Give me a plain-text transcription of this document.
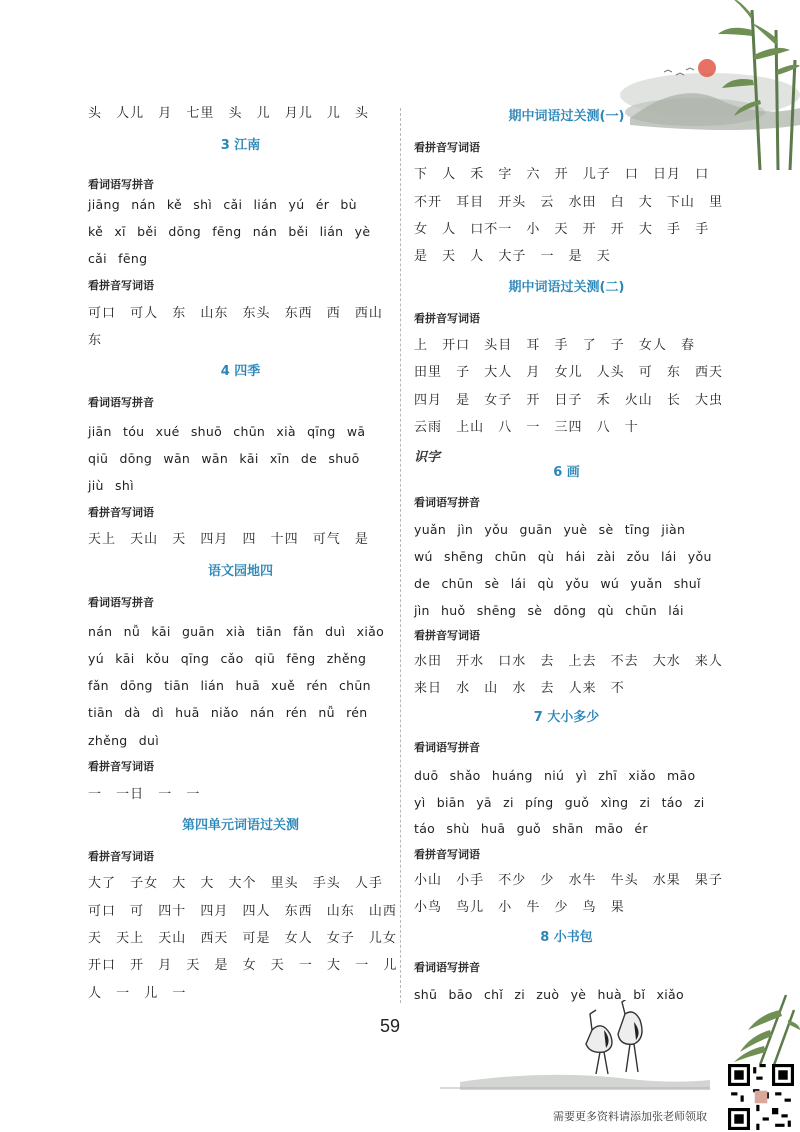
头 人儿 月 七里 头 儿 月儿 儿 头
3 江南
看词语写拼音
jiāng nán kě shì cǎi lián yú ér bù
kě xī běi dōng fēng nán běi lián yè
cǎi fēng
看拼音写词语
可口 可人 东 山东 东头 东西 西 西山
东
4 四季
看词语写拼音
jiān tóu xué shuō chūn xià qīng wā
qiū dōng wān wān kāi xīn de shuō
jiù shì
看拼音写词语
天上 天山 天 四月 四 十四 可气 是
语文园地四
看词语写拼音
nán nǚ kāi guān xià tiān fǎn duì xiǎo
yú kāi kǒu qīng cǎo qiū fēng zhěng
fǎn dōng tiān lián huā xuě rén chūn
tiān dà dì huā niǎo nán rén nǚ rén
zhěng duì
看拼音写词语
一 一日 一 一
第四单元词语过关测
看拼音写词语
大了 子女 大 大 大个 里头 手头 人手
可口 可 四十 四月 四人 东西 山东 山西
天 天上 天山 西天 可是 女人 女子 儿女
开口 开 月 天 是 女 天 一 大 一 儿
人 一 儿 一
期中词语过关测(一)
看拼音写词语
下 人 禾 字 六 开 儿子 口 日月 口
不开 耳目 开头 云 水田 白 大 下山 里
女 人 口不一 小 天 开 开 大 手 手
是 天 人 大子 一 是 天
期中词语过关测(二)
看拼音写词语
上 开口 头目 耳 手 了 子 女人 春
田里 子 大人 月 女儿 人头 可 东 西天
四月 是 女子 开 日子 禾 火山 长 大虫
云雨 上山 八 一 三四 八 十
识字
6 画
看词语写拼音
yuǎn jìn yǒu guān yuè sè tīng jiàn
wú shēng chūn qù hái zài zǒu lái yǒu
de chūn sè lái qù yǒu wú yuǎn shuǐ
jìn huǒ shēng sè dōng qù chūn lái
看拼音写词语
水田 开水 口水 去 上去 不去 大水 来人
来日 水 山 水 去 人来 不
7 大小多少
看词语写拼音
duō shǎo huáng niú yì zhī xiǎo māo
yì biān yā zi píng guǒ xìng zi táo zi
táo shù huā guǒ shān māo ér
看拼音写词语
小山 小手 不少 少 水牛 牛头 水果 果子
小鸟 鸟儿 小 牛 少 鸟 果
8 小书包
看词语写拼音
shū bāo chǐ zi zuò yè huà bǐ xiǎo
59
需要更多资料请添加张老师领取
